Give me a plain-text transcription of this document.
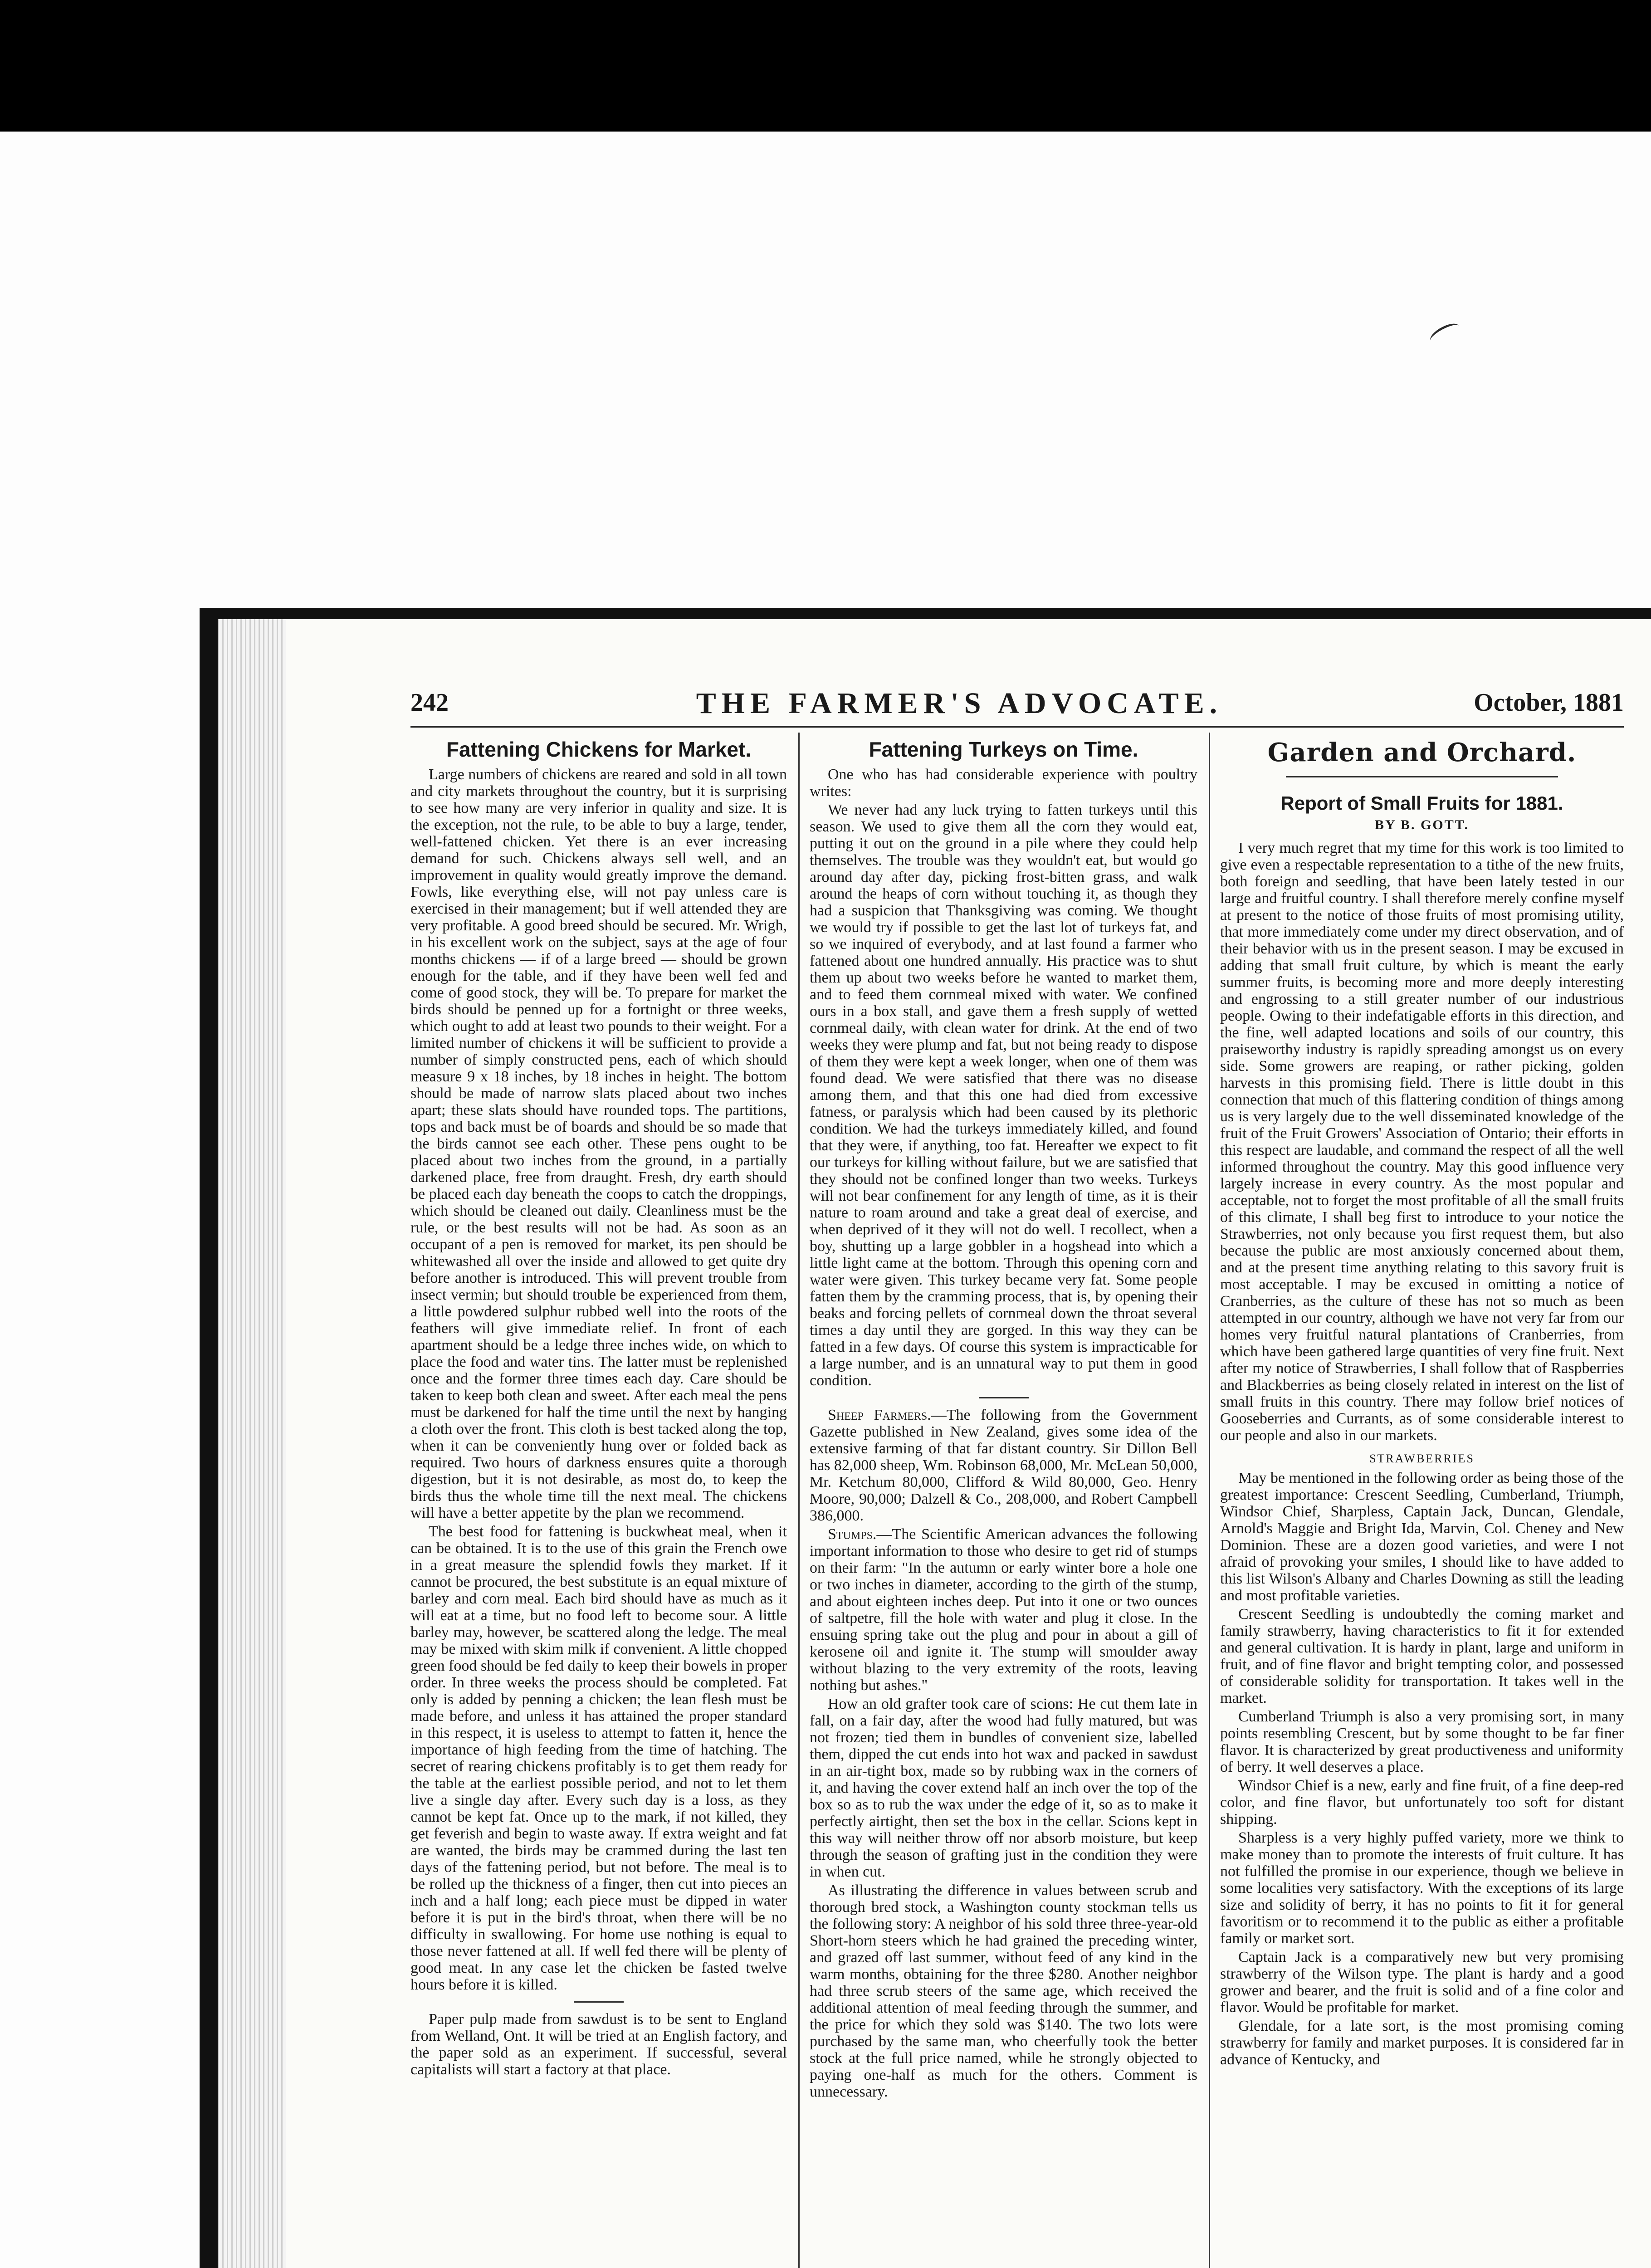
242	THE FARMER'S ADVOCATE.	October, 1881
Fattening Chickens for Market.

Large numbers of chickens are reared and sold in all town and city markets throughout the country, but it is surprising to see how many are very inferior in quality and size. It is the exception, not the rule, to be able to buy a large, tender, well-fattened chicken. Yet there is an ever increasing demand for such. Chickens always sell well, and an improvement in quality would greatly improve the demand. Fowls, like everything else, will not pay unless care is exercised in their management; but if well attended they are very profitable. A good breed should be secured. Mr. Wrigh, in his excellent work on the subject, says at the age of four months chickens — if of a large breed — should be grown enough for the table, and if they have been well fed and come of good stock, they will be. To prepare for market the birds should be penned up for a fortnight or three weeks, which ought to add at least two pounds to their weight. For a limited number of chickens it will be sufficient to provide a number of simply constructed pens, each of which should measure 9 x 18 inches, by 18 inches in height. The bottom should be made of narrow slats placed about two inches apart; these slats should have rounded tops. The partitions, tops and back must be of boards and should be so made that the birds cannot see each other. These pens ought to be placed about two inches from the ground, in a partially darkened place, free from draught. Fresh, dry earth should be placed each day beneath the coops to catch the droppings, which should be cleaned out daily. Cleanliness must be the rule, or the best results will not be had. As soon as an occupant of a pen is removed for market, its pen should be whitewashed all over the inside and allowed to get quite dry before another is introduced. This will prevent trouble from insect vermin; but should trouble be experienced from them, a little powdered sulphur rubbed well into the roots of the feathers will give immediate relief. In front of each apartment should be a ledge three inches wide, on which to place the food and water tins. The latter must be replenished once and the former three times each day. Care should be taken to keep both clean and sweet. After each meal the pens must be darkened for half the time until the next by hanging a cloth over the front. This cloth is best tacked along the top, when it can be conveniently hung over or folded back as required. Two hours of darkness ensures quite a thorough digestion, but it is not desirable, as most do, to keep the birds thus the whole time till the next meal. The chickens will have a better appetite by the plan we recommend.

The best food for fattening is buckwheat meal, when it can be obtained. It is to the use of this grain the French owe in a great measure the splendid fowls they market. If it cannot be procured, the best substitute is an equal mixture of barley and corn meal. Each bird should have as much as it will eat at a time, but no food left to become sour. A little barley may, however, be scattered along the ledge. The meal may be mixed with skim milk if convenient. A little chopped green food should be fed daily to keep their bowels in proper order. In three weeks the process should be completed. Fat only is added by penning a chicken; the lean flesh must be made before, and unless it has attained the proper standard in this respect, it is useless to attempt to fatten it, hence the importance of high feeding from the time of hatching. The secret of rearing chickens profitably is to get them ready for the table at the earliest possible period, and not to let them live a single day after. Every such day is a loss, as they cannot be kept fat. Once up to the mark, if not killed, they get feverish and begin to waste away. If extra weight and fat are wanted, the birds may be crammed during the last ten days of the fattening period, but not before. The meal is to be rolled up the thickness of a finger, then cut into pieces an inch and a half long; each piece must be dipped in water before it is put in the bird's throat, when there will be no difficulty in swallowing. For home use nothing is equal to those never fattened at all. If well fed there will be plenty of good meat. In any case let the chicken be fasted twelve hours before it is killed.

Paper pulp made from sawdust is to be sent to England from Welland, Ont. It will be tried at an English factory, and the paper sold as an experiment. If successful, several capitalists will start a factory at that place.

Fattening Turkeys on Time.

One who has had considerable experience with poultry writes:

We never had any luck trying to fatten turkeys until this season. We used to give them all the corn they would eat, putting it out on the ground in a pile where they could help themselves. The trouble was they wouldn't eat, but would go around day after day, picking frost-bitten grass, and walk around the heaps of corn without touching it, as though they had a suspicion that Thanksgiving was coming. We thought we would try if possible to get the last lot of turkeys fat, and so we inquired of everybody, and at last found a farmer who fattened about one hundred annually. His practice was to shut them up about two weeks before he wanted to market them, and to feed them cornmeal mixed with water. We confined ours in a box stall, and gave them a fresh supply of wetted cornmeal daily, with clean water for drink. At the end of two weeks they were plump and fat, but not being ready to dispose of them they were kept a week longer, when one of them was found dead. We were satisfied that there was no disease among them, and that this one had died from excessive fatness, or paralysis which had been caused by its plethoric condition. We had the turkeys immediately killed, and found that they were, if anything, too fat. Hereafter we expect to fit our turkeys for killing without failure, but we are satisfied that they should not be confined longer than two weeks. Turkeys will not bear confinement for any length of time, as it is their nature to roam around and take a great deal of exercise, and when deprived of it they will not do well. I recollect, when a boy, shutting up a large gobbler in a hogshead into which a little light came at the bottom. Through this opening corn and water were given. This turkey became very fat. Some people fatten them by the cramming process, that is, by opening their beaks and forcing pellets of cornmeal down the throat several times a day until they are gorged. In this way they can be fatted in a few days. Of course this system is impracticable for a large number, and is an unnatural way to put them in good condition.

Sheep Farmers.—The following from the Government Gazette published in New Zealand, gives some idea of the extensive farming of that far distant country. Sir Dillon Bell has 82,000 sheep, Wm. Robinson 68,000, Mr. McLean 50,000, Mr. Ketchum 80,000, Clifford & Wild 80,000, Geo. Henry Moore, 90,000; Dalzell & Co., 208,000, and Robert Campbell 386,000.

Stumps.—The Scientific American advances the following important information to those who desire to get rid of stumps on their farm: "In the autumn or early winter bore a hole one or two inches in diameter, according to the girth of the stump, and about eighteen inches deep. Put into it one or two ounces of saltpetre, fill the hole with water and plug it close. In the ensuing spring take out the plug and pour in about a gill of kerosene oil and ignite it. The stump will smoulder away without blazing to the very extremity of the roots, leaving nothing but ashes."

How an old grafter took care of scions: He cut them late in fall, on a fair day, after the wood had fully matured, but was not frozen; tied them in bundles of convenient size, labelled them, dipped the cut ends into hot wax and packed in sawdust in an air-tight box, made so by rubbing wax in the corners of it, and having the cover extend half an inch over the top of the box so as to rub the wax under the edge of it, so as to make it perfectly airtight, then set the box in the cellar. Scions kept in this way will neither throw off nor absorb moisture, but keep through the season of grafting just in the condition they were in when cut.

As illustrating the difference in values between scrub and thorough bred stock, a Washington county stockman tells us the following story: A neighbor of his sold three three-year-old Short-horn steers which he had grained the preceding winter, and grazed off last summer, without feed of any kind in the warm months, obtaining for the three $280. Another neighbor had three scrub steers of the same age, which received the additional attention of meal feeding through the summer, and the price for which they sold was $140. The two lots were purchased by the same man, who cheerfully took the better stock at the full price named, while he strongly objected to paying one-half as much for the others. Comment is unnecessary.

Garden and Orchard.
Report of Small Fruits for 1881.
BY B. GOTT.

I very much regret that my time for this work is too limited to give even a respectable representation to a tithe of the new fruits, both foreign and seedling, that have been lately tested in our large and fruitful country. I shall therefore merely confine myself at present to the notice of those fruits of most promising utility, that more immediately come under my direct observation, and of their behavior with us in the present season. I may be excused in adding that small fruit culture, by which is meant the early summer fruits, is becoming more and more deeply interesting and engrossing to a still greater number of our industrious people. Owing to their indefatigable efforts in this direction, and the fine, well adapted locations and soils of our country, this praiseworthy industry is rapidly spreading amongst us on every side. Some growers are reaping, or rather picking, golden harvests in this promising field. There is little doubt in this connection that much of this flattering condition of things among us is very largely due to the well disseminated knowledge of the fruit of the Fruit Growers' Association of Ontario; their efforts in this respect are laudable, and command the respect of all the well informed throughout the country. May this good influence very largely increase in every country. As the most popular and acceptable, not to forget the most profitable of all the small fruits of this climate, I shall beg first to introduce to your notice the Strawberries, not only because you first request them, but also because the public are most anxiously concerned about them, and at the present time anything relating to this savory fruit is most acceptable. I may be excused in omitting a notice of Cranberries, as the culture of these has not so much as been attempted in our country, although we have not very far from our homes very fruitful natural plantations of Cranberries, from which have been gathered large quantities of very fine fruit. Next after my notice of Strawberries, I shall follow that of Raspberries and Blackberries as being closely related in interest on the list of small fruits in this country. There may follow brief notices of Gooseberries and Currants, as of some considerable interest to our people and also in our markets.

STRAWBERRIES

May be mentioned in the following order as being those of the greatest importance: Crescent Seedling, Cumberland, Triumph, Windsor Chief, Sharpless, Captain Jack, Duncan, Glendale, Arnold's Maggie and Bright Ida, Marvin, Col. Cheney and New Dominion. These are a dozen good varieties, and were I not afraid of provoking your smiles, I should like to have added to this list Wilson's Albany and Charles Downing as still the leading and most profitable varieties.

Crescent Seedling is undoubtedly the coming market and family strawberry, having characteristics to fit it for extended and general cultivation. It is hardy in plant, large and uniform in fruit, and of fine flavor and bright tempting color, and possessed of considerable solidity for transportation. It takes well in the market.

Cumberland Triumph is also a very promising sort, in many points resembling Crescent, but by some thought to be far finer flavor. It is characterized by great productiveness and uniformity of berry. It well deserves a place.

Windsor Chief is a new, early and fine fruit, of a fine deep-red color, and fine flavor, but unfortunately too soft for distant shipping.

Sharpless is a very highly puffed variety, more we think to make money than to promote the interests of fruit culture. It has not fulfilled the promise in our experience, though we believe in some localities very satisfactory. With the exceptions of its large size and solidity of berry, it has no points to fit it for general favoritism or to recommend it to the public as either a profitable family or market sort.

Captain Jack is a comparatively new but very promising strawberry of the Wilson type. The plant is hardy and a good grower and bearer, and the fruit is solid and of a fine color and flavor. Would be profitable for market.

Glendale, for a late sort, is the most promising coming strawberry for family and market purposes. It is considered far in advance of Kentucky, and
